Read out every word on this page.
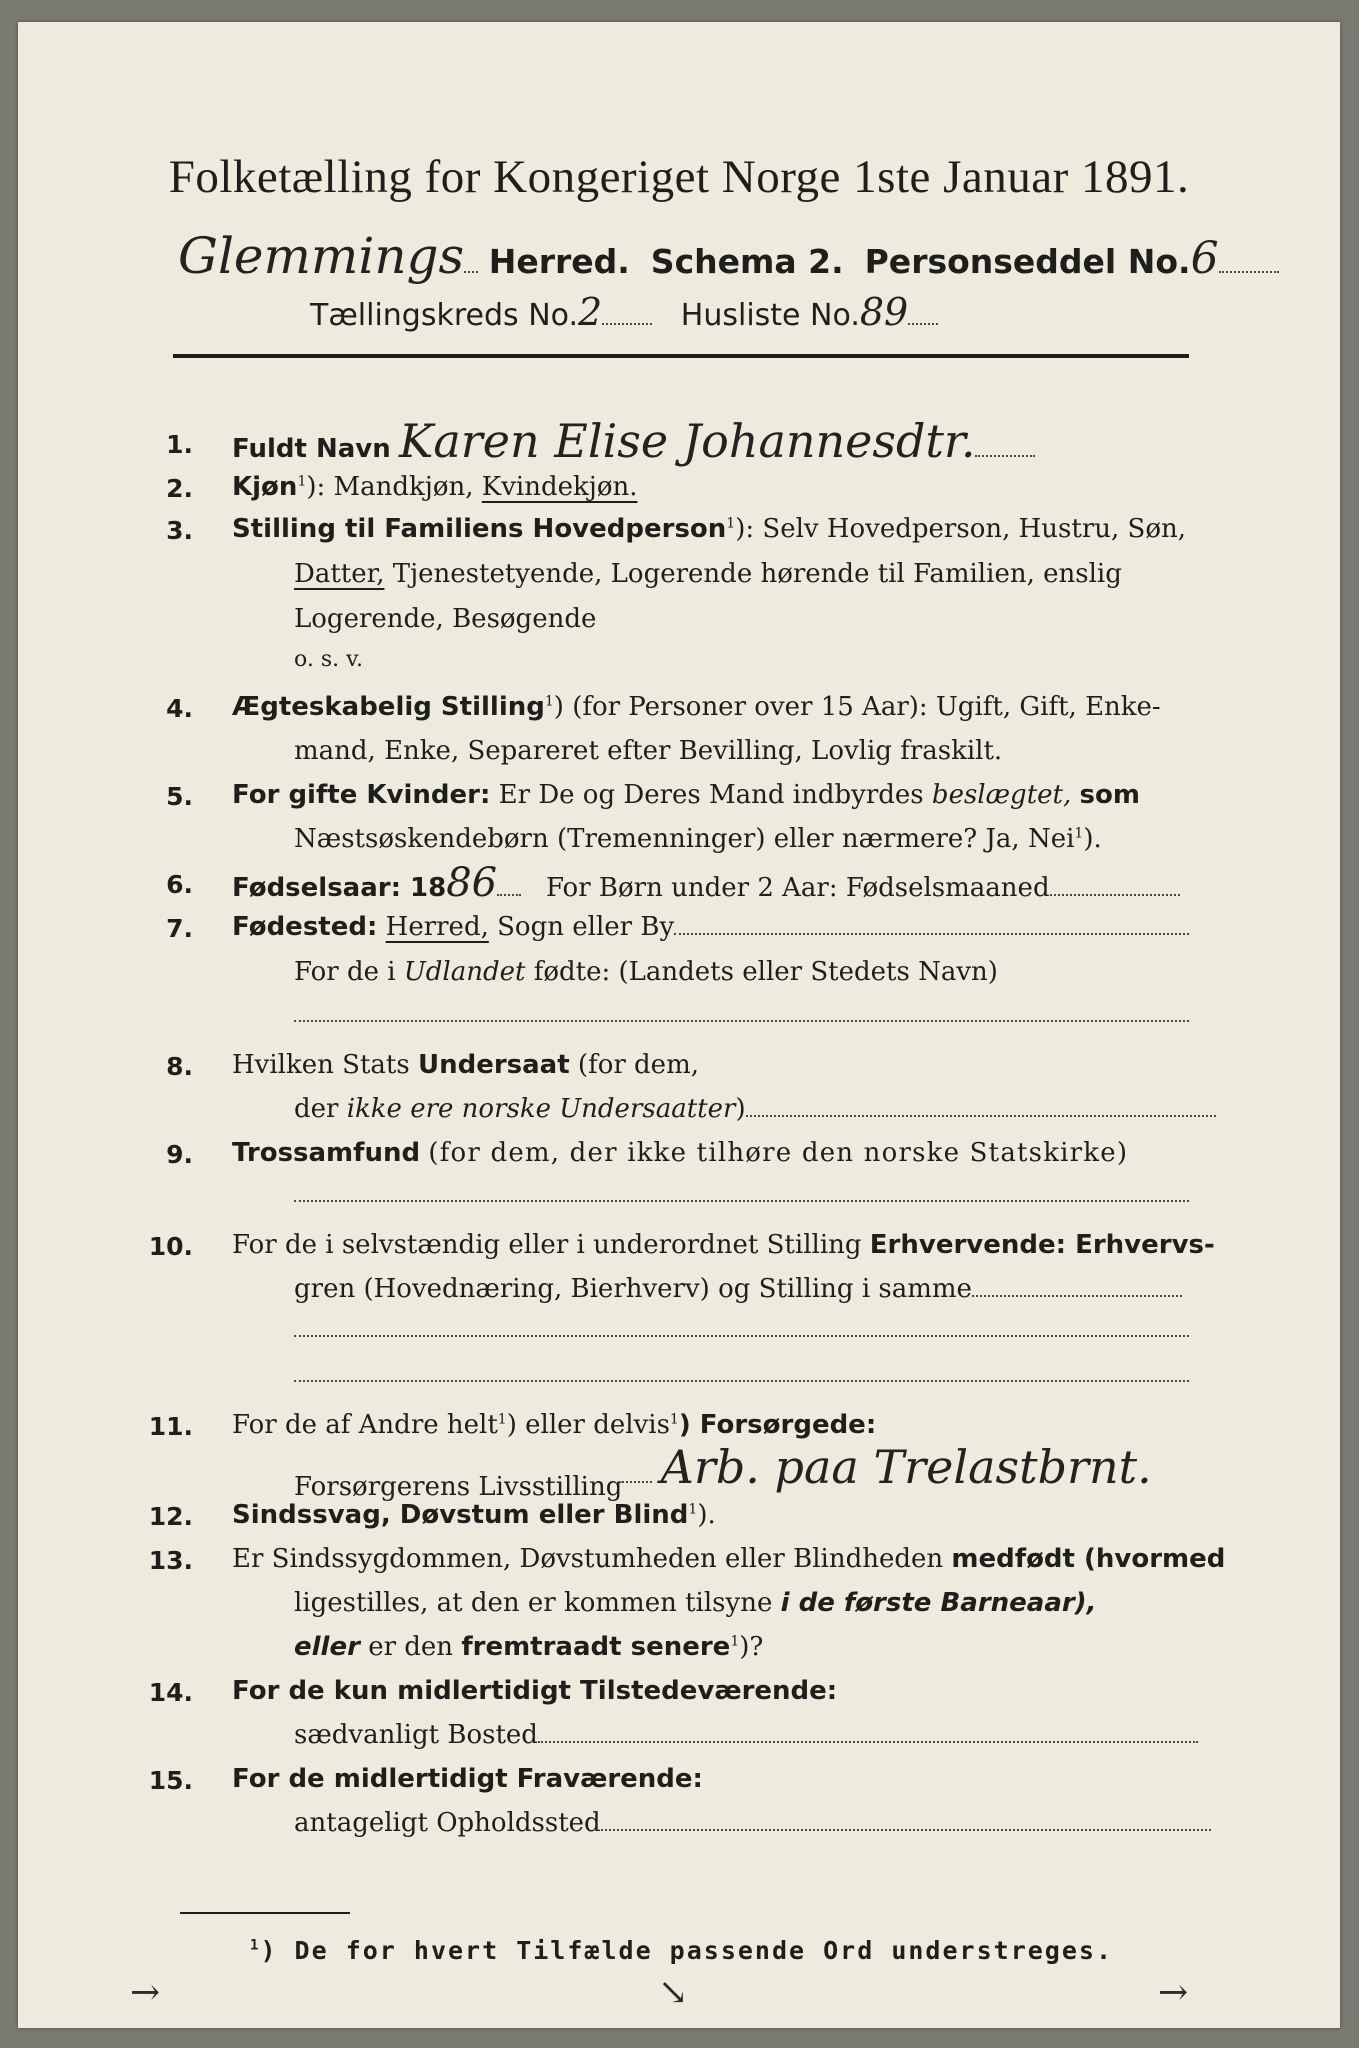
Folketælling for Kongeriget Norge 1ste Januar 1891.
Glemmings Herred. Schema 2. Personseddel No.6
Tællingskreds No.2	Husliste No.89
1. Fuldt Navn Karen Elise Johannesdtr.
2. Kjøn$^1$): Mandkjøn, Kvindekjøn.
3. Stilling til Familiens Hovedperson$^1$): Selv Hovedperson, Hustru, Søn,
Datter, Tjenestetyende, Logerende hørende til Familien, enslig
Logerende, Besøgende
o. s. v.
4. Ægteskabelig Stilling$^1$) (for Personer over 15 Aar): Ugift, Gift, Enke-
mand, Enke, Separeret efter Bevilling, Lovlig fraskilt.
5. For gifte Kvinder: Er De og Deres Mand indbyrdes beslægtet, som
Næstsøskendebørn (Tremenninger) eller nærmere? Ja, Nei$^1$).
6. Fødselsaar: 1886 For Børn under 2 Aar: Fødselsmaaned
7. Fødested: Herred, Sogn eller By
For de i Udlandet fødte: (Landets eller Stedets Navn)
8. Hvilken Stats Undersaat (for dem,
der ikke ere norske Undersaatter)
9. Trossamfund (for dem, der ikke tilhøre den norske Statskirke)
10. For de i selvstændig eller i underordnet Stilling Erhvervende: Erhvervs-
gren (Hovednæring, Bierhverv) og Stilling i samme
11. For de af Andre helt$^1$) eller delvis$^1$) Forsørgede:
Forsørgerens Livsstilling Arb. paa Trelastbrnt.
12. Sindssvag, Døvstum eller Blind$^1$).
13. Er Sindssygdommen, Døvstumheden eller Blindheden medfødt (hvormed
ligestilles, at den er kommen tilsyne i de første Barneaar),
eller er den fremtraadt senere$^1$)?
14. For de kun midlertidigt Tilstedeværende:
sædvanligt Bosted
15. For de midlertidigt Fraværende:
antageligt Opholdssted
$^1$) De for hvert Tilfælde passende Ord understreges.
→	↘	→
